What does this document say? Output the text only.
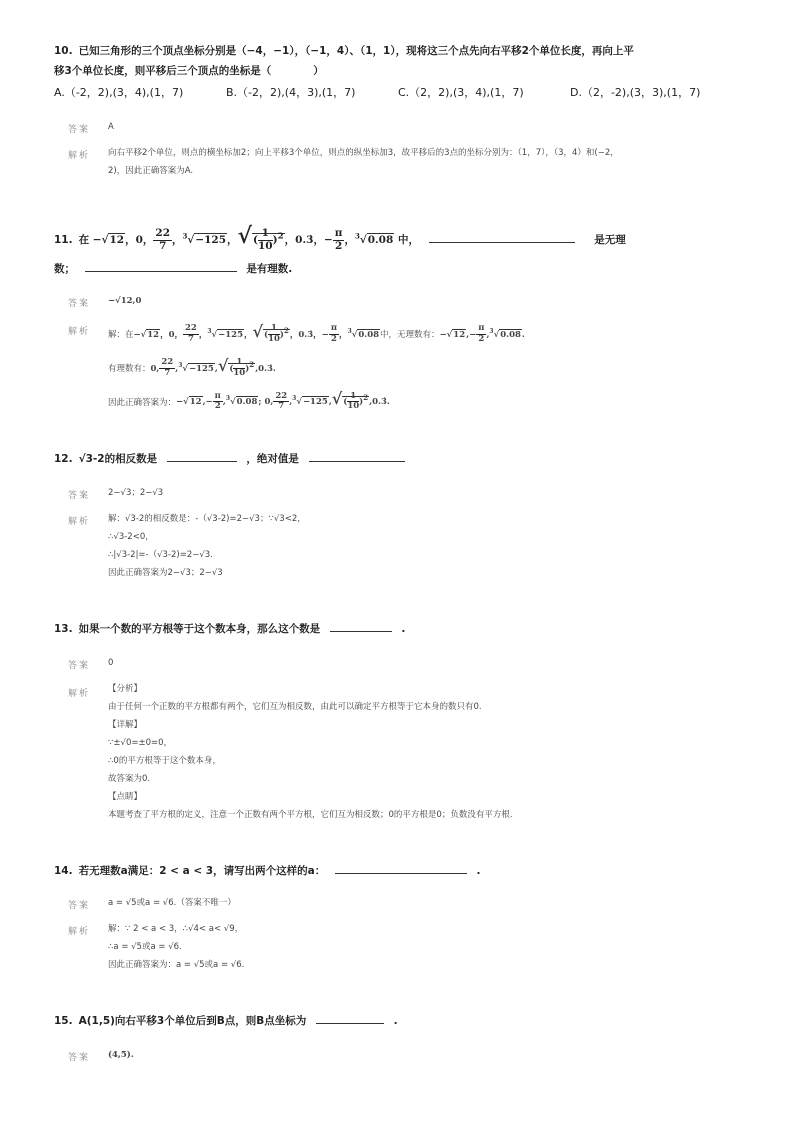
10. 已知三角形的三个顶点坐标分别是（−4，−1），（−1，4）、（1，1），现将这三个点先向右平移2个单位长度，再向上平
移3个单位长度，则平移后三个顶点的坐标是（　　　　）
A.（-2，2),(3，4),(1，7)	B.（-2，2),(4，3),(1，7)	C.（2，2),(3，4),(1，7)	D.（2，-2),(3，3),(1，7)
答案 A
解析 向右平移2个单位，则点的横坐标加2；向上平移3个单位，则点的纵坐标加3，故平移后的3点的坐标分别为：（1，7），（3，4）和(−2，
2)，因此正确答案为A.
11. 在 −√12，0， $\frac{22}{7}$ ，$^3$√−125，√( $\frac{1}{10} )^2$，0.3̇，− $\frac{\pi}{2}$ ，$^3$√0.08 中，	是无理
数；	是有理数.
答案 −√12,0
解析 解：在−√12，0， $\frac{22}{7}$ ，$^3$√−125，√( $\frac{1}{10} )^2$，0.3̇，− $\frac{\pi}{2}$ ，$^3$√0.08中，无理数有：$-√12,- \frac{\pi}{2} ,^3√0.08$.
有理数有：0, $\frac{22}{7} ,^3√-125,√( \frac{1}{10}$ )$^2,0.3̇$.
因此正确答案为：$-√12,- \frac{\pi}{2} ,^3√0.08$; 0, $\frac{22}{7} ,^3√-125,√( \frac{1}{10}$ )$^2,0.3̇$.
12. √3-2的相反数是	，绝对值是
答案 2−√3；2−√3
解析 解：√3-2的相反数是：-（√3-2)=2−√3；∵√3<2，
∴√3-2<0，
∴|√3-2|=-（√3-2)=2−√3.
因此正确答案为2−√3；2−√3
13. 如果一个数的平方根等于这个数本身，那么这个数是	.
答案 0
解析 【分析】
由于任何一个正数的平方根都有两个，它们互为相反数，由此可以确定平方根等于它本身的数只有0.
【详解】
∵±√0=±0=0，
∴0的平方根等于这个数本身，
故答案为0.
【点睛】
本题考查了平方根的定义，注意一个正数有两个平方根，它们互为相反数；0的平方根是0；负数没有平方根.
14. 若无理数a满足：2 < a < 3，请写出两个这样的a：	.
答案 a = √5或a = √6.（答案不唯一）
解析 解：∵ 2 < a < 3，∴√4< a< √9，
∴a = √5或a = √6.
因此正确答案为：a = √5或a = √6.
15. A(1,5)向右平移3个单位后到B点，则B点坐标为	.
答案 (4,5).
